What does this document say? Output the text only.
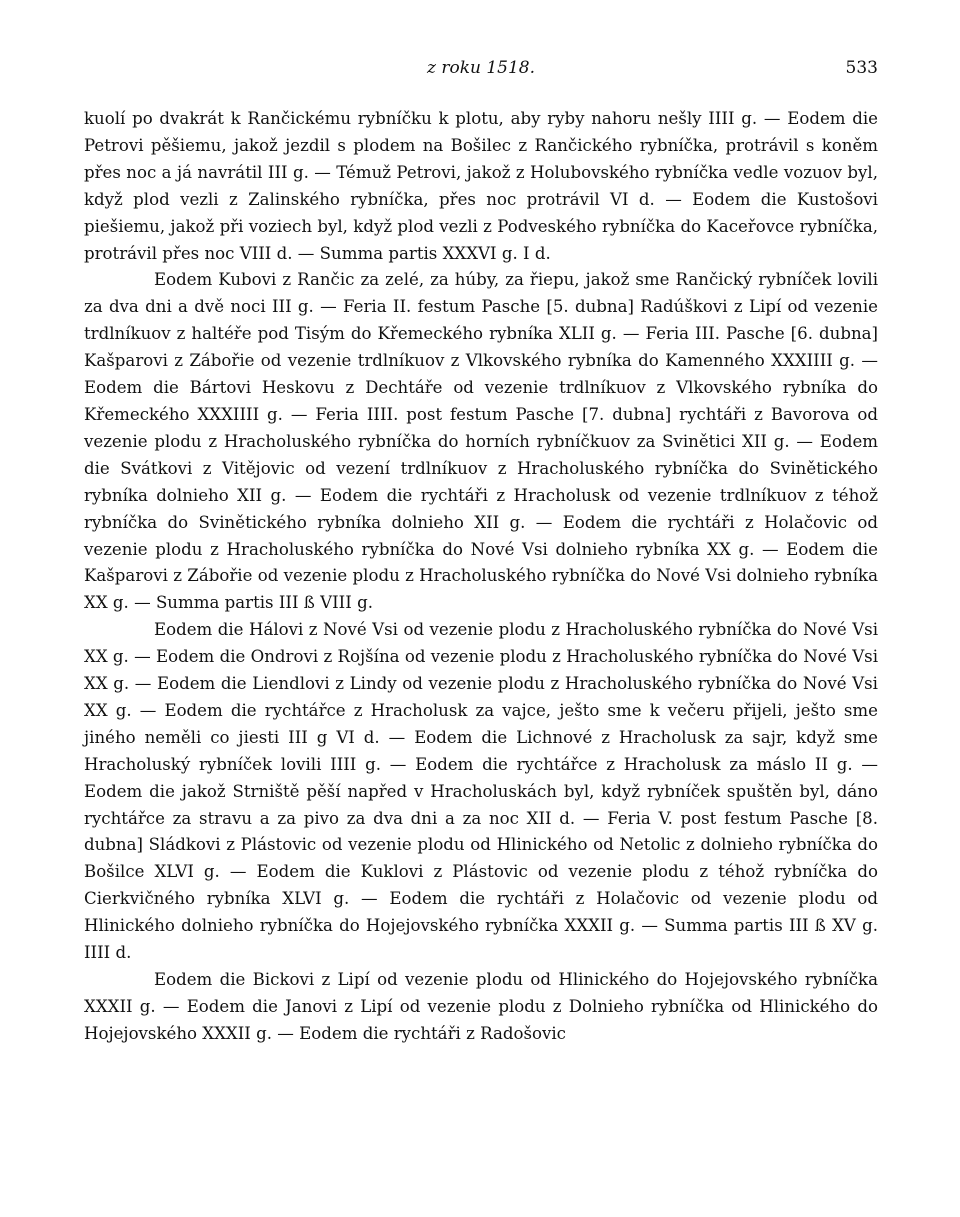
z roku 1518.	533

kuolí po dvakrát k Rančickému rybníčku k plotu, aby ryby nahoru nešly IIII g. — Eodem die Petrovi pěšiemu, jakož jezdil s plodem na Bošilec z Rančického rybníčka, protrávil s koněm přes noc a já navrátil III g. — Témuž Petrovi, jakož z Holubovského rybníčka vedle vozuov byl, když plod vezli z Zalinského rybníčka, přes noc protrávil VI d. — Eodem die Kustošovi piešiemu, jakož při voziech byl, když plod vezli z Podveského rybníčka do Kaceřovce rybníčka, protrávil přes noc VIII d. — Summa partis XXXVI g. I d.

Eodem Kubovi z Rančic za zelé, za húby, za řiepu, jakož sme Rančický rybníček lovili za dva dni a dvě noci III g. — Feria II. festum Pasche [5. dubna] Radúškovi z Lipí od vezenie trdlníkuov z haltéře pod Tisým do Křemeckého rybníka XLII g. — Feria III. Pasche [6. dubna] Kašparovi z Zábořie od vezenie trdlníkuov z Vlkovského rybníka do Kamenného XXXIIII g. — Eodem die Bártovi Heskovu z Dechtáře od vezenie trdlníkuov z Vlkovského rybníka do Křemeckého XXXIIII g. — Feria IIII. post festum Pasche [7. dubna] rychtáři z Bavorova od vezenie plodu z Hracholuského rybníčka do horních rybníčkuov za Svinětici XII g. — Eodem die Svátkovi z Vitějovic od vezení trdlníkuov z Hracholuského rybníčka do Svinětického rybníka dolnieho XII g. — Eodem die rychtáři z Hracholusk od vezenie trdlníkuov z téhož rybníčka do Svinětického rybníka dolnieho XII g. — Eodem die rychtáři z Holačovic od vezenie plodu z Hracholuského rybníčka do Nové Vsi dolnieho rybníka XX g. — Eodem die Kašparovi z Zábořie od vezenie plodu z Hracholuského rybníčka do Nové Vsi dolnieho rybníka XX g. — Summa partis III ß VIII g.

Eodem die Hálovi z Nové Vsi od vezenie plodu z Hracholuského rybníčka do Nové Vsi XX g. — Eodem die Ondrovi z Rojšína od vezenie plodu z Hracholuského rybníčka do Nové Vsi XX g. — Eodem die Liendlovi z Lindy od vezenie plodu z Hracholuského rybníčka do Nové Vsi XX g. — Eodem die rychtářce z Hracholusk za vajce, ješto sme k večeru přijeli, ješto sme jiného neměli co jiesti III g VI d. — Eodem die Lichnové z Hracholusk za sajr, když sme Hracholuský rybníček lovili IIII g. — Eodem die rychtářce z Hracholusk za máslo II g. — Eodem die jakož Strniště pěší napřed v Hracholuskách byl, když rybníček spuštěn byl, dáno rychtářce za stravu a za pivo za dva dni a za noc XII d. — Feria V. post festum Pasche [8. dubna] Sládkovi z Plástovic od vezenie plodu od Hlinického od Netolic z dolnieho rybníčka do Bošilce XLVI g. — Eodem die Kuklovi z Plástovic od vezenie plodu z téhož rybníčka do Cierkvičného rybníka XLVI g. — Eodem die rychtáři z Holačovic od vezenie plodu od Hlinického dolnieho rybníčka do Hojejovského rybníčka XXXII g. — Summa partis III ß XV g. IIII d.

Eodem die Bickovi z Lipí od vezenie plodu od Hlinického do Hojejovského rybníčka XXXII g. — Eodem die Janovi z Lipí od vezenie plodu z Dolnieho rybníčka od Hlinického do Hojejovského XXXII g. — Eodem die rychtáři z Radošovic
